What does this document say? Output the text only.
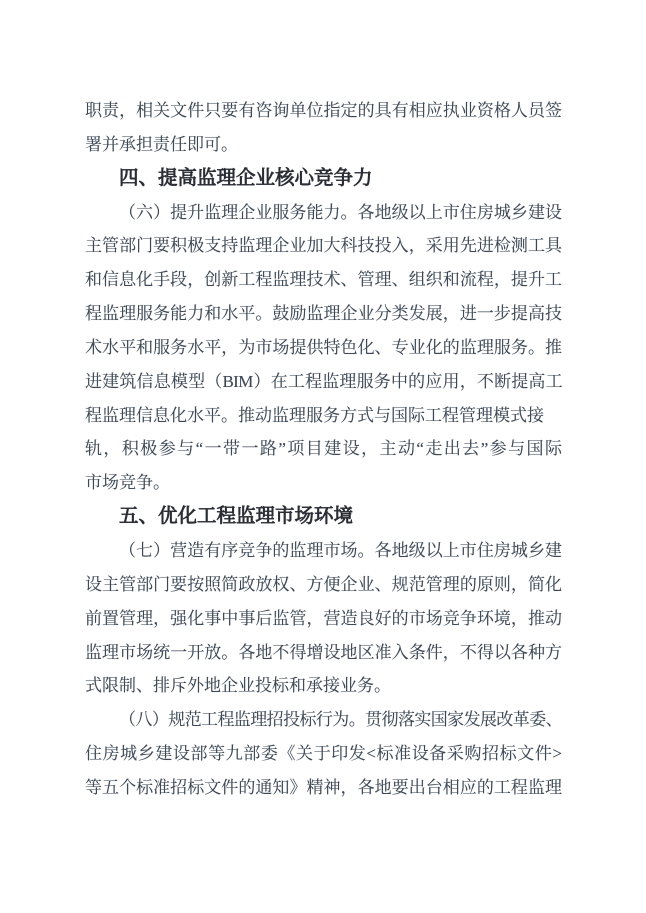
职责，相关文件只要有咨询单位指定的具有相应执业资格人员签
署并承担责任即可。
四、提高监理企业核心竞争力
（六）提升监理企业服务能力。各地级以上市住房城乡建设
主管部门要积极支持监理企业加大科技投入，采用先进检测工具
和信息化手段，创新工程监理技术、管理、组织和流程，提升工
程监理服务能力和水平。鼓励监理企业分类发展，进一步提高技
术水平和服务水平，为市场提供特色化、专业化的监理服务。推
进建筑信息模型（BIM）在工程监理服务中的应用，不断提高工
程监理信息化水平。推动监理服务方式与国际工程管理模式接
轨，积极参与“一带一路”项目建设，主动“走出去”参与国际
市场竞争。
五、优化工程监理市场环境
（七）营造有序竞争的监理市场。各地级以上市住房城乡建
设主管部门要按照简政放权、方便企业、规范管理的原则，简化
前置管理，强化事中事后监管，营造良好的市场竞争环境，推动
监理市场统一开放。各地不得增设地区准入条件，不得以各种方
式限制、排斥外地企业投标和承接业务。
（八）规范工程监理招投标行为。贯彻落实国家发展改革委、
住房城乡建设部等九部委《关于印发<标准设备采购招标文件>
等五个标准招标文件的通知》精神，各地要出台相应的工程监理
